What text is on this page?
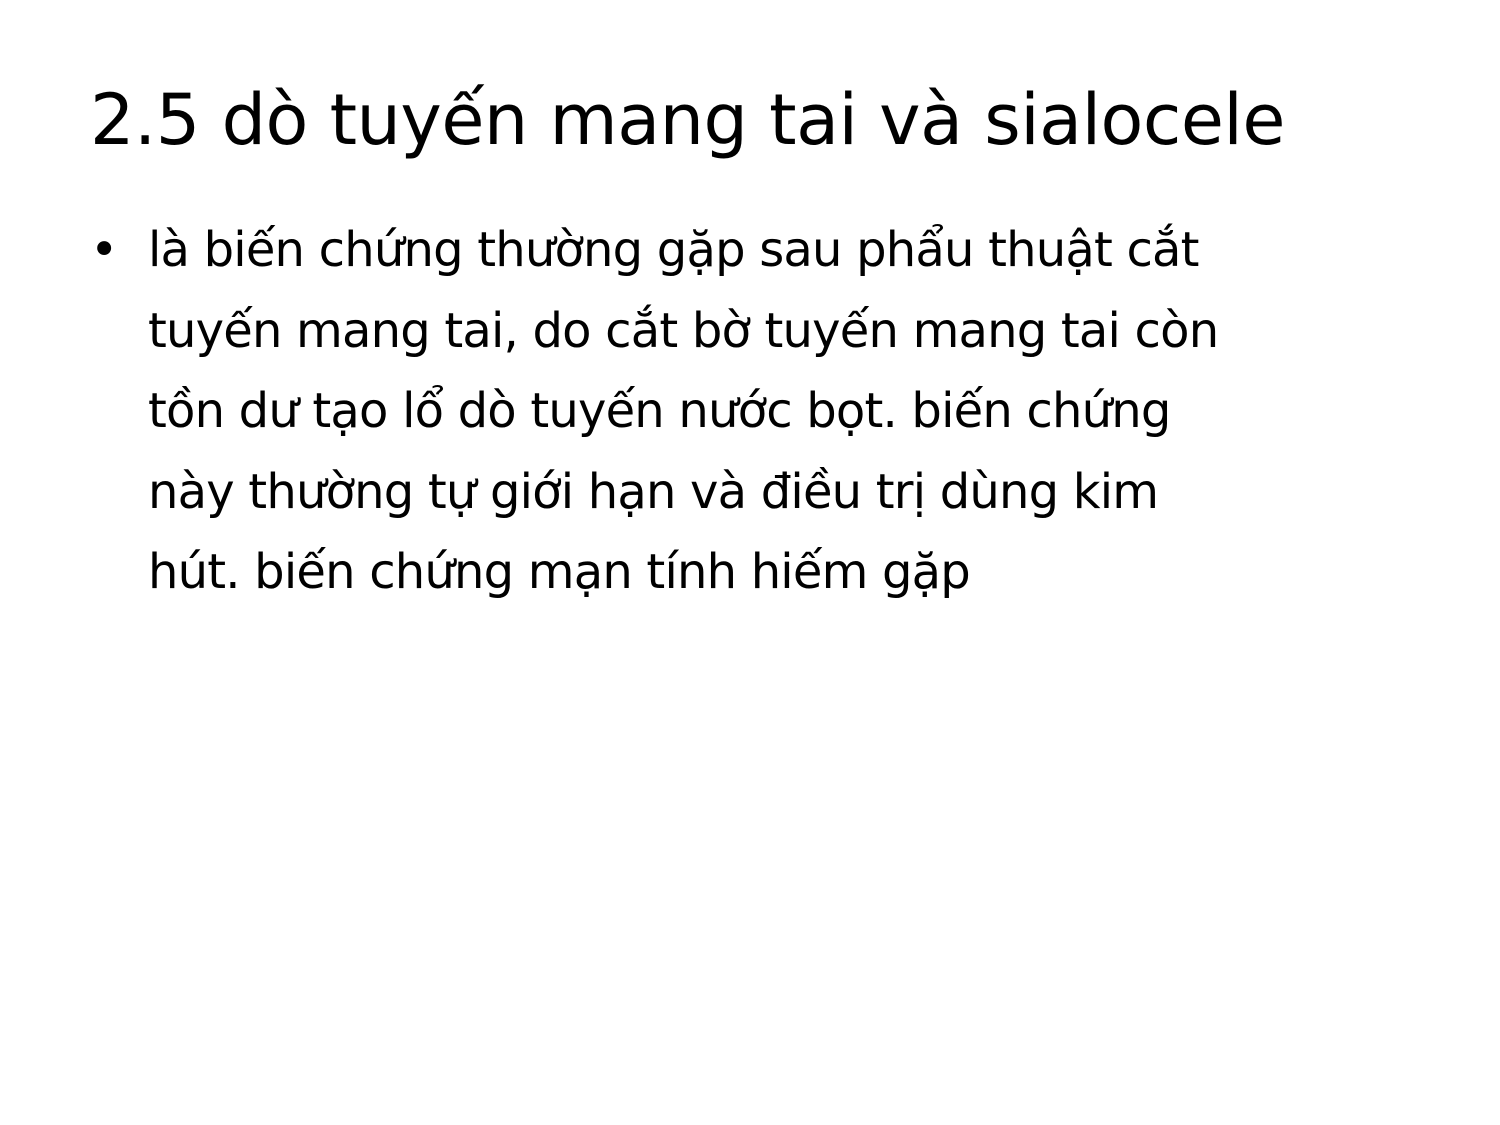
2.5 dò tuyến mang tai và sialocele
• là biến chứng thường gặp sau phẩu thuật cắt
tuyến mang tai, do cắt bờ tuyến mang tai còn
tồn dư tạo lổ dò tuyến nước bọt. biến chứng
này thường tự giới hạn và điều trị dùng kim
hút. biến chứng mạn tính hiếm gặp
